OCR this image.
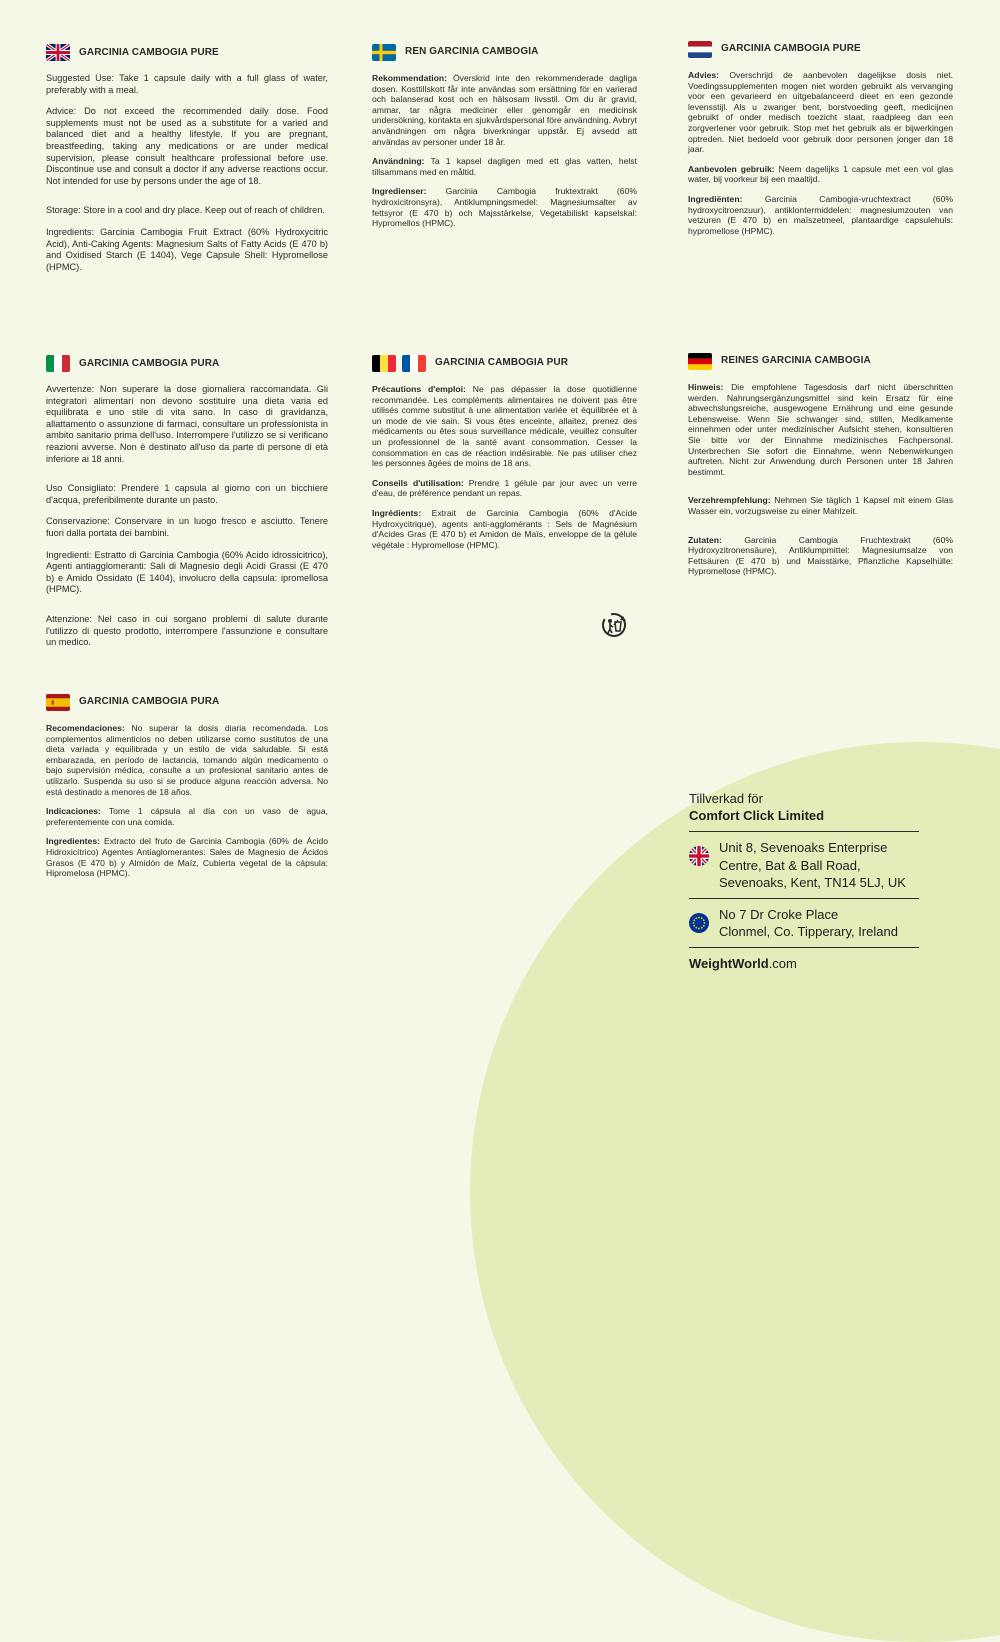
GARCINIA CAMBOGIA PURE

Suggested Use: Take 1 capsule daily with a full glass of water, preferably with a meal.

Advice: Do not exceed the recommended daily dose. Food supplements must not be used as a substitute for a varied and balanced diet and a healthy lifestyle. If you are pregnant, breastfeeding, taking any medications or are under medical supervision, please consult healthcare professional before use. Discontinue use and consult a doctor if any adverse reactions occur. Not intended for use by persons under the age of 18.

Storage: Store in a cool and dry place. Keep out of reach of children.

Ingredients: Garcinia Cambogia Fruit Extract (60% Hydroxycitric Acid), Anti-Caking Agents: Magnesium Salts of Fatty Acids (E 470 b) and Oxidised Starch (E 1404), Vege Capsule Shell: Hypromellose (HPMC).

REN GARCINIA CAMBOGIA

Rekommendation: Överskrid inte den rekommenderade dagliga dosen. Kosttillskott får inte användas som ersättning för en varierad och balanserad kost och en hälsosam livsstil. Om du är gravid, ammar, tar några mediciner eller genomgår en medicinsk undersökning, kontakta en sjukvårdspersonal före användning. Avbryt användningen om några biverkningar uppstår. Ej avsedd att användas av personer under 18 år.

Användning: Ta 1 kapsel dagligen med ett glas vatten, helst tillsammans med en måltid.

Ingredienser: Garcinia Cambogia fruktextrakt (60% hydroxicitronsyra), Antiklumpningsmedel: Magnesiumsalter av fettsyror (E 470 b) och Majsstärkelse, Vegetabiliskt kapselskal: Hypromellos (HPMC).

GARCINIA CAMBOGIA PURE

Advies: Overschrijd de aanbevolen dagelijkse dosis niet. Voedingssupplementen mogen niet worden gebruikt als vervanging voor een gevarieerd en uitgebalanceerd dieet en een gezonde levensstijl. Als u zwanger bent, borstvoeding geeft, medicijnen gebruikt of onder medisch toezicht staat, raadpleeg dan een zorgverlener voor gebruik. Stop met het gebruik als er bijwerkingen optreden. Niet bedoeld voor gebruik door personen jonger dan 18 jaar.

Aanbevolen gebruik: Neem dagelijks 1 capsule met een vol glas water, bij voorkeur bij een maaltijd.

Ingrediënten: Garcinia Cambogia-vruchtextract (60% hydroxycitroenzuur), antiklontermiddelen: magnesiumzouten van vetzuren (E 470 b) en maïszetmeel, plantaardige capsulehuls: hypromellose (HPMC).

GARCINIA CAMBOGIA PURA

Avvertenze: Non superare la dose giornaliera raccomandata. Gli integratori alimentari non devono sostituire una dieta varia ed equilibrata e uno stile di vita sano. In caso di gravidanza, allattamento o assunzione di farmaci, consultare un professionista in ambito sanitario prima dell'uso. Interrompere l'utilizzo se si verificano reazioni avverse. Non è destinato all'uso da parte di persone di età inferiore ai 18 anni.

Uso Consigliato: Prendere 1 capsula al giorno con un bicchiere d'acqua, preferibilmente durante un pasto.

Conservazione: Conservare in un luogo fresco e asciutto. Tenere fuori dalla portata dei bambini.

Ingredienti: Estratto di Garcinia Cambogia (60% Acido idrossicitrico), Agenti antiagglomeranti: Sali di Magnesio degli Acidi Grassi (E 470 b) e Amido Ossidato (E 1404), involucro della capsula: ipromellosa (HPMC).

Attenzione: Nel caso in cui sorgano problemi di salute durante l'utilizzo di questo prodotto, interrompere l'assunzione e consultare un medico.

GARCINIA CAMBOGIA PUR

Précautions d'emploi: Ne pas dépasser la dose quotidienne recommandée. Les compléments alimentaires ne doivent pas être utilisés comme substitut à une alimentation variée et équilibrée et à un mode de vie sain. Si vous êtes enceinte, allaitez, prenez des médicaments ou êtes sous surveillance médicale, veuillez consulter un professionnel de la santé avant consommation. Cesser la consommation en cas de réaction indésirable. Ne pas utiliser chez les personnes âgées de moins de 18 ans.

Conseils d'utilisation: Prendre 1 gélule par jour avec un verre d'eau, de préférence pendant un repas.

Ingrédients: Extrait de Garcinia Cambogia (60% d'Acide Hydroxycitrique), agents anti-agglomérants : Sels de Magnésium d'Acides Gras (E 470 b) et Amidon de Maïs, enveloppe de la gélule végétale : Hypromellose (HPMC).

REINES GARCINIA CAMBOGIA

Hinweis: Die empfohlene Tagesdosis darf nicht überschritten werden. Nahrungsergänzungsmittel sind kein Ersatz für eine abwechslungsreiche, ausgewogene Ernährung und eine gesunde Lebensweise. Wenn Sie schwanger sind, stillen, Medikamente einnehmen oder unter medizinischer Aufsicht stehen, konsultieren Sie bitte vor der Einnahme medizinisches Fachpersonal. Unterbrechen Sie sofort die Einnahme, wenn Nebenwirkungen auftreten. Nicht zur Anwendung durch Personen unter 18 Jahren bestimmt.

Verzehrempfehlung: Nehmen Sie täglich 1 Kapsel mit einem Glas Wasser ein, vorzugsweise zu einer Mahlzeit.

Zutaten: Garcinia Cambogia Fruchtextrakt (60% Hydroxyzitronensäure), Antiklumpmittel: Magnesiumsalze von Fettsäuren (E 470 b) und Maisstärke, Pflanzliche Kapselhülle: Hypromellose (HPMC).

GARCINIA CAMBOGIA PURA

Recomendaciones: No superar la dosis diaria recomendada. Los complementos alimenticios no deben utilizarse como sustitutos de una dieta variada y equilibrada y un estilo de vida saludable. Si está embarazada, en período de lactancia, tomando algún medicamento o bajo supervisión médica, consulte a un profesional sanitario antes de utilizarlo. Suspenda su uso si se produce alguna reacción adversa. No está destinado a menores de 18 años.

Indicaciones: Tome 1 cápsula al día con un vaso de agua, preferentemente con una comida.

Ingredientes: Extracto del fruto de Garcinia Cambogia (60% de Ácido Hidroxicítrico) Agentes Antiaglomerantes: Sales de Magnesio de Ácidos Grasos (E 470 b) y Almidón de Maíz, Cubierta vegetal de la cápsula: Hipromelosa (HPMC).

Tillverkad för
Comfort Click Limited
Unit 8, Sevenoaks Enterprise
Centre, Bat & Ball Road,
Sevenoaks, Kent, TN14 5LJ, UK
No 7 Dr Croke Place
Clonmel, Co. Tipperary, Ireland
WeightWorld.com
